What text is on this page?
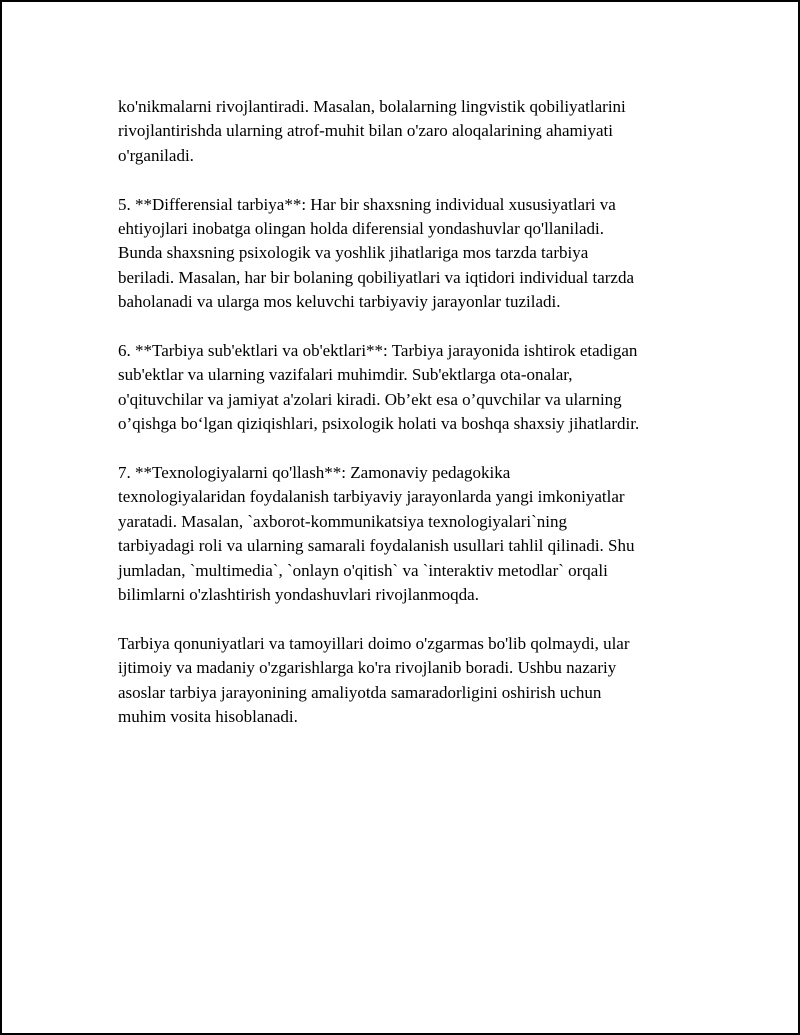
ko'nikmalarni rivojlantiradi. Masalan, bolalarning lingvistik qobiliyatlarini
rivojlantirishda ularning atrof-muhit bilan o'zaro aloqalarining ahamiyati
o'rganiladi.

5. **Differensial tarbiya**: Har bir shaxsning individual xususiyatlari va
ehtiyojlari inobatga olingan holda diferensial yondashuvlar qo'llaniladi.
Bunda shaxsning psixologik va yoshlik jihatlariga mos tarzda tarbiya
beriladi. Masalan, har bir bolaning qobiliyatlari va iqtidori individual tarzda
baholanadi va ularga mos keluvchi tarbiyaviy jarayonlar tuziladi.

6. **Tarbiya sub'ektlari va ob'ektlari**: Tarbiya jarayonida ishtirok etadigan
sub'ektlar va ularning vazifalari muhimdir. Sub'ektlarga ota-onalar,
o'qituvchilar va jamiyat a'zolari kiradi. Ob’ekt esa o’quvchilar va ularning
o’qishga bo‘lgan qiziqishlari, psixologik holati va boshqa shaxsiy jihatlardir.

7. **Texnologiyalarni qo'llash**: Zamonaviy pedagokika
texnologiyalaridan foydalanish tarbiyaviy jarayonlarda yangi imkoniyatlar
yaratadi. Masalan, `axborot-kommunikatsiya texnologiyalari`ning
tarbiyadagi roli va ularning samarali foydalanish usullari tahlil qilinadi. Shu
jumladan, `multimedia`, `onlayn o'qitish` va `interaktiv metodlar` orqali
bilimlarni o'zlashtirish yondashuvlari rivojlanmoqda.

Tarbiya qonuniyatlari va tamoyillari doimo o'zgarmas bo'lib qolmaydi, ular
ijtimoiy va madaniy o'zgarishlarga ko'ra rivojlanib boradi. Ushbu nazariy
asoslar tarbiya jarayonining amaliyotda samaradorligini oshirish uchun
muhim vosita hisoblanadi.
